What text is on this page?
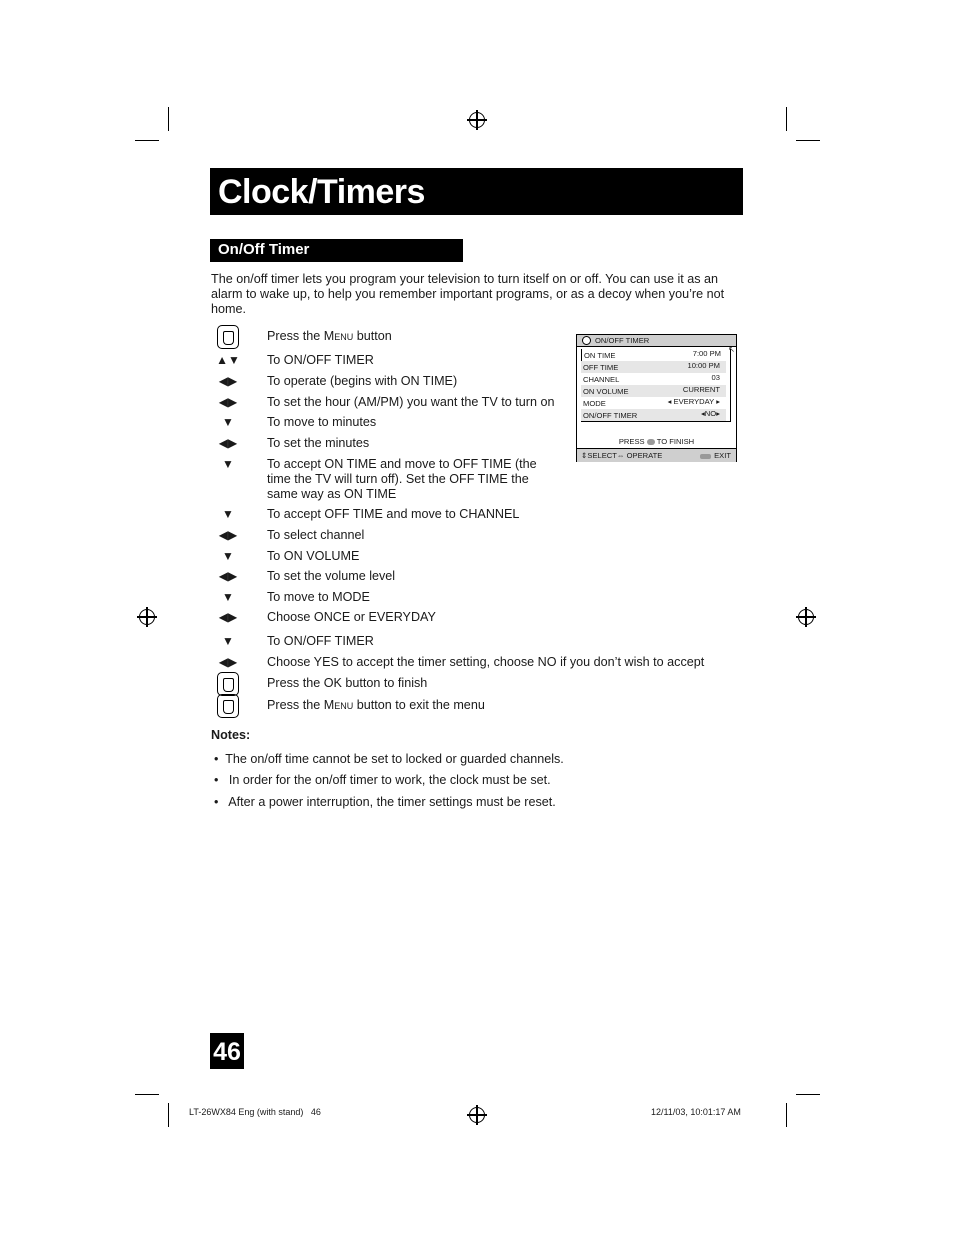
Clock/Timers
On/Off Timer
The on/off timer lets you program your television to turn itself on or off. You can use it as an alarm to wake up, to help you remember important programs, or as a decoy when you’re not home.
Press the Menu button
▲▼	To ON/OFF TIMER
◀▶	To operate (begins with ON TIME)
◀▶	To set the hour (AM/PM) you want the TV to turn on
▼	To move to minutes
◀▶	To set the minutes
▼	To accept ON TIME and move to OFF TIME (the time the TV will turn off). Set the OFF TIME the same way as ON TIME
▼	To accept OFF TIME and move to CHANNEL
◀▶	To select channel
▼	To ON VOLUME
◀▶	To set the volume level
▼	To move to MODE
◀▶	Choose ONCE or EVERYDAY
▼	To ON/OFF TIMER
◀▶	Choose YES to accept the timer setting, choose NO if you don’t wish to accept
Press the OK button to finish
Press the Menu button to exit the menu
ON/OFF TIMER
ON TIME	7:00 PM ↖
OFF TIME	10:00 PM
CHANNEL	03
ON VOLUME	CURRENT
MODE	◂ EVERYDAY ▸
ON/OFF TIMER	◂NO▸
PRESS TO FINISH
⇕SELECT⇔ OPERATE	EXIT
Notes:
•  The on/off time cannot be set to locked or guarded channels.
•   In order for the on/off timer to work, the clock must be set.
•   After a power interruption, the timer settings must be reset.
46
LT-26WX84 Eng (with stand)   46	12/11/03, 10:01:17 AM
